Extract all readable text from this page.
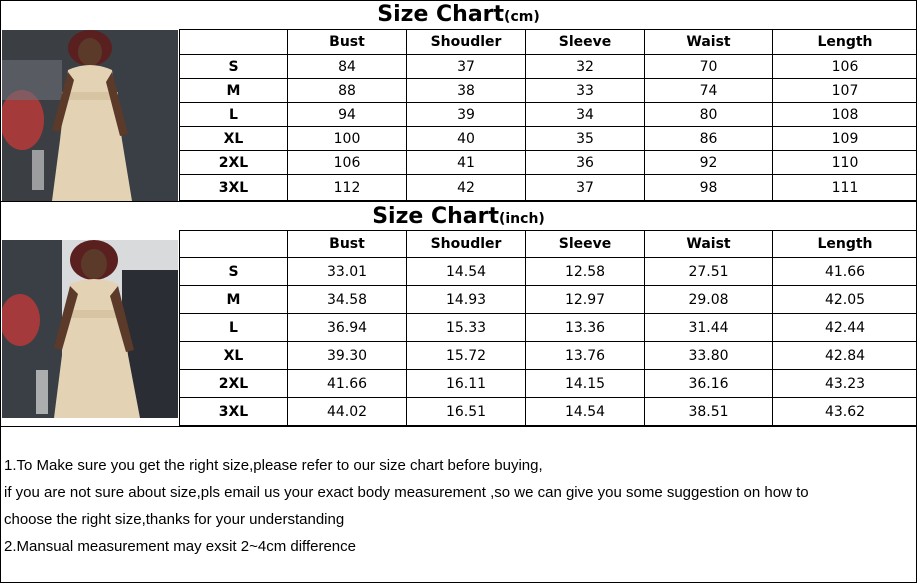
Size Chart(cm)
	Bust	Shoudler	Sleeve	Waist	Length
S	84	37	32	70	106
M	88	38	33	74	107
L	94	39	34	80	108
XL	100	40	35	86	109
2XL	106	41	36	92	110
3XL	112	42	37	98	111
Size Chart(inch)
	Bust	Shoudler	Sleeve	Waist	Length
S	33.01	14.54	12.58	27.51	41.66
M	34.58	14.93	12.97	29.08	42.05
L	36.94	15.33	13.36	31.44	42.44
XL	39.30	15.72	13.76	33.80	42.84
2XL	41.66	16.11	14.15	36.16	43.23
3XL	44.02	16.51	14.54	38.51	43.62

1.To Make sure you get the right size,please refer to our size chart before buying,

if you are not sure about size,pls email us your exact body measurement ,so we can give you some suggestion on how to

choose the right size,thanks for your understanding

2.Mansual measurement may exsit 2~4cm difference
